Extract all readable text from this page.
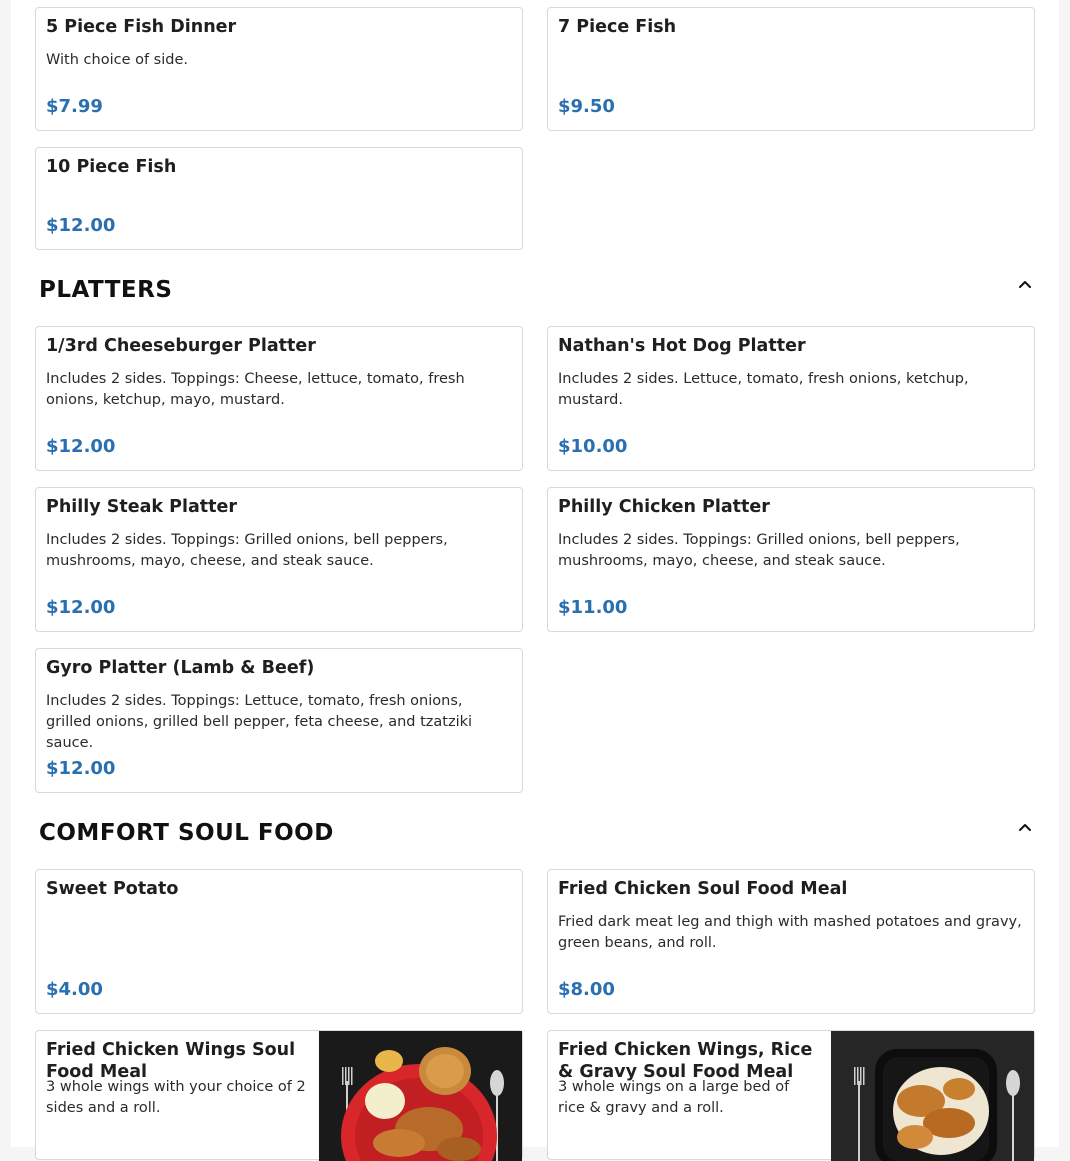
5 Piece Fish Dinner
With choice of side.
$7.99
7 Piece Fish
$9.50
10 Piece Fish
$12.00
PLATTERS
1/3rd Cheeseburger Platter
Includes 2 sides. Toppings: Cheese, lettuce, tomato, fresh onions, ketchup, mayo, mustard.
$12.00
Nathan's Hot Dog Platter
Includes 2 sides. Lettuce, tomato, fresh onions, ketchup, mustard.
$10.00
Philly Steak Platter
Includes 2 sides. Toppings: Grilled onions, bell peppers, mushrooms, mayo, cheese, and steak sauce.
$12.00
Philly Chicken Platter
Includes 2 sides. Toppings: Grilled onions, bell peppers, mushrooms, mayo, cheese, and steak sauce.
$11.00
Gyro Platter (Lamb & Beef)
Includes 2 sides. Toppings: Lettuce, tomato, fresh onions, grilled onions, grilled bell pepper, feta cheese, and tzatziki sauce.
$12.00
COMFORT SOUL FOOD
Sweet Potato
$4.00
Fried Chicken Soul Food Meal
Fried dark meat leg and thigh with mashed potatoes and gravy, green beans, and roll.
$8.00
Fried Chicken Wings Soul Food Meal
3 whole wings with your choice of 2 sides and a roll.
Fried Chicken Wings, Rice & Gravy Soul Food Meal
3 whole wings on a large bed of rice & gravy and a roll.
